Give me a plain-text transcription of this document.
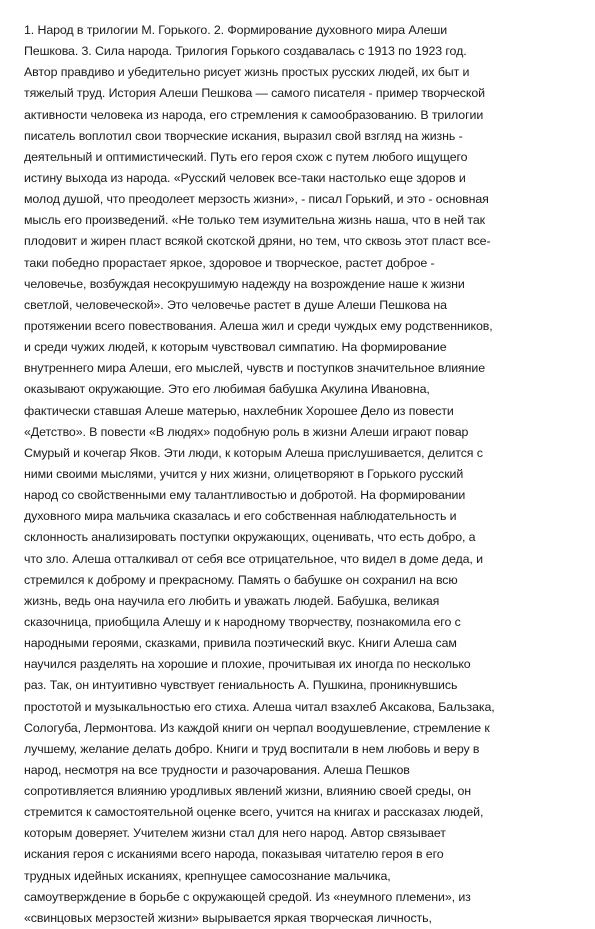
1. Народ в трилогии М. Горького. 2. Формирование духовного мира Алеши
Пешкова. 3. Сила народа. Трилогия Горького создавалась с 1913 по 1923 год.
Автор правдиво и убедительно рисует жизнь простых русских людей, их быт и
тяжелый труд. История Алеши Пешкова — самого писателя - пример творческой
активности человека из народа, его стремления к самообразованию. В трилогии
писатель воплотил свои творческие искания, выразил свой взгляд на жизнь -
деятельный и оптимистический. Путь его героя схож с путем любого ищущего
истину выхода из народа. «Русский человек все-таки настолько еще здоров и
молод душой, что преодолеет мерзость жизни», - писал Горький, и это - основная
мысль его произведений. «Не только тем изумительна жизнь наша, что в ней так
плодовит и жирен пласт всякой скотской дряни, но тем, что сквозь этот пласт все-
таки победно прорастает яркое, здоровое и творческое, растет доброе -
человечье, возбуждая несокрушимую надежду на возрождение наше к жизни
светлой, человеческой». Это человечье растет в душе Алеши Пешкова на
протяжении всего повествования. Алеша жил и среди чуждых ему родственников,
и среди чужих людей, к которым чувствовал симпатию. На формирование
внутреннего мира Алеши, его мыслей, чувств и поступков значительное влияние
оказывают окружающие. Это его любимая бабушка Акулина Ивановна,
фактически ставшая Алеше матерью, нахлебник Хорошее Дело из повести
«Детство». В повести «В людях» подобную роль в жизни Алеши играют повар
Смурый и кочегар Яков. Эти люди, к которым Алеша прислушивается, делится с
ними своими мыслями, учится у них жизни, олицетворяют в Горького русский
народ со свойственными ему талантливостью и добротой. На формировании
духовного мира мальчика сказалась и его собственная наблюдательность и
склонность анализировать поступки окружающих, оценивать, что есть добро, а
что зло. Алеша отталкивал от себя все отрицательное, что видел в доме деда, и
стремился к доброму и прекрасному. Память о бабушке он сохранил на всю
жизнь, ведь она научила его любить и уважать людей. Бабушка, великая
сказочница, приобщила Алешу и к народному творчеству, познакомила его с
народными героями, сказками, привила поэтический вкус. Книги Алеша сам
научился разделять на хорошие и плохие, прочитывая их иногда по несколько
раз. Так, он интуитивно чувствует гениальность А. Пушкина, проникнувшись
простотой и музыкальностью его стиха. Алеша читал взахлеб Аксакова, Бальзака,
Сологуба, Лермонтова. Из каждой книги он черпал воодушевление, стремление к
лучшему, желание делать добро. Книги и труд воспитали в нем любовь и веру в
народ, несмотря на все трудности и разочарования. Алеша Пешков
сопротивляется влиянию уродливых явлений жизни, влиянию своей среды, он
стремится к самостоятельной оценке всего, учится на книгах и рассказах людей,
которым доверяет. Учителем жизни стал для него народ. Автор связывает
искания героя с исканиями всего народа, показывая читателю героя в его
трудных идейных исканиях, крепнущее самосознание мальчика,
самоутверждение в борьбе с окружающей средой. Из «неумного племени», из
«свинцовых мерзостей жизни» вырывается яркая творческая личность,
